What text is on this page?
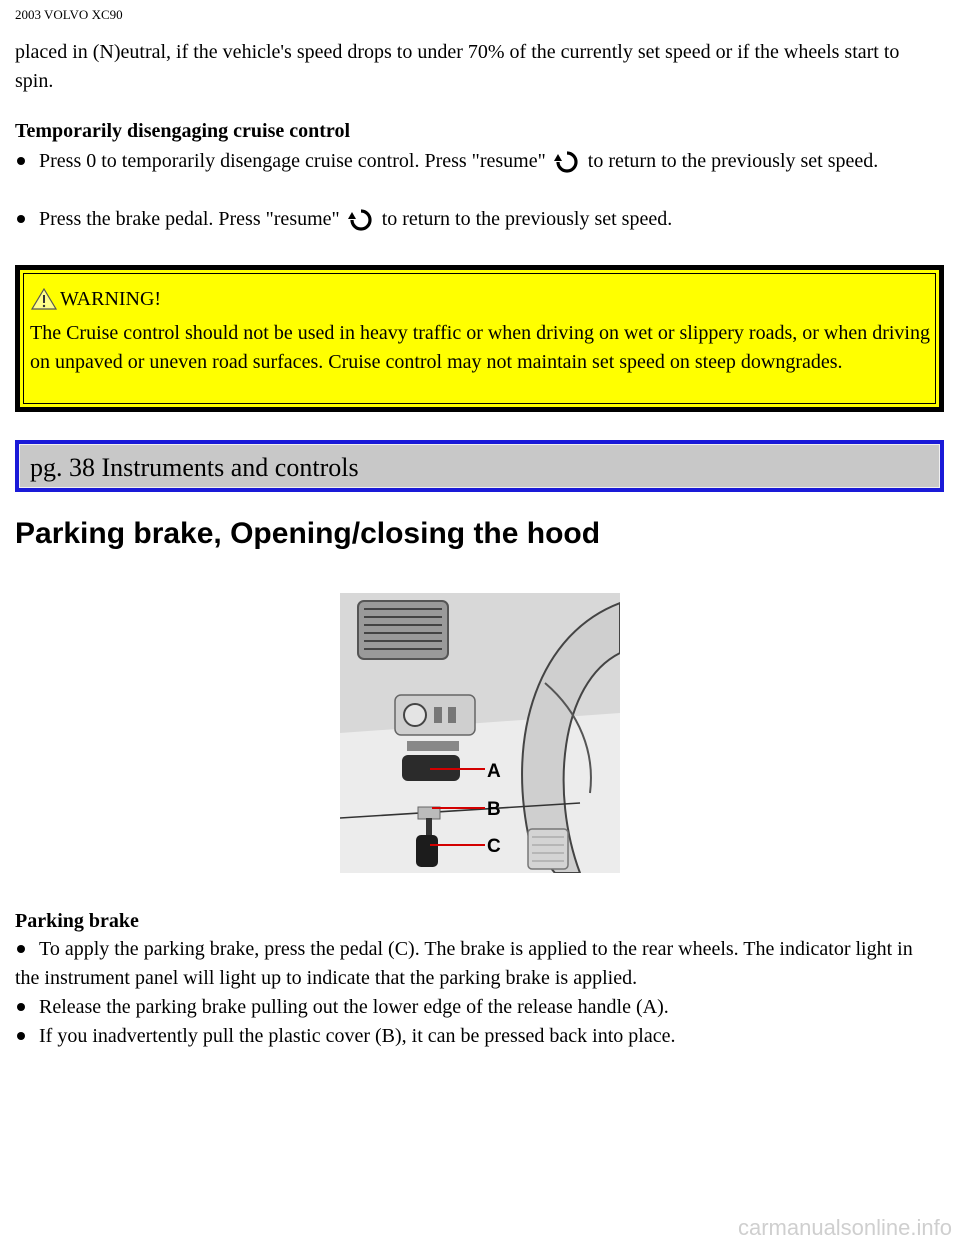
2003 VOLVO XC90
placed in (N)eutral, if the vehicle's speed drops to under 70% of the currently set speed or if the wheels start to spin.
Temporarily disengaging cruise control
Press 0 to temporarily disengage cruise control. Press "resume" to return to the previously set speed.
Press the brake pedal. Press "resume" to return to the previously set speed.
WARNING!
The Cruise control should not be used in heavy traffic or when driving on wet or slippery roads, or when driving on unpaved or uneven road surfaces. Cruise control may not maintain set speed on steep downgrades.
pg. 38 Instruments and controls
Parking brake, Opening/closing the hood
A
B
C
Parking brake
To apply the parking brake, press the pedal (C). The brake is applied to the rear wheels. The indicator light in the instrument panel will light up to indicate that the parking brake is applied.
Release the parking brake pulling out the lower edge of the release handle (A).
If you inadvertently pull the plastic cover (B), it can be pressed back into place.
carmanualsonline.info
